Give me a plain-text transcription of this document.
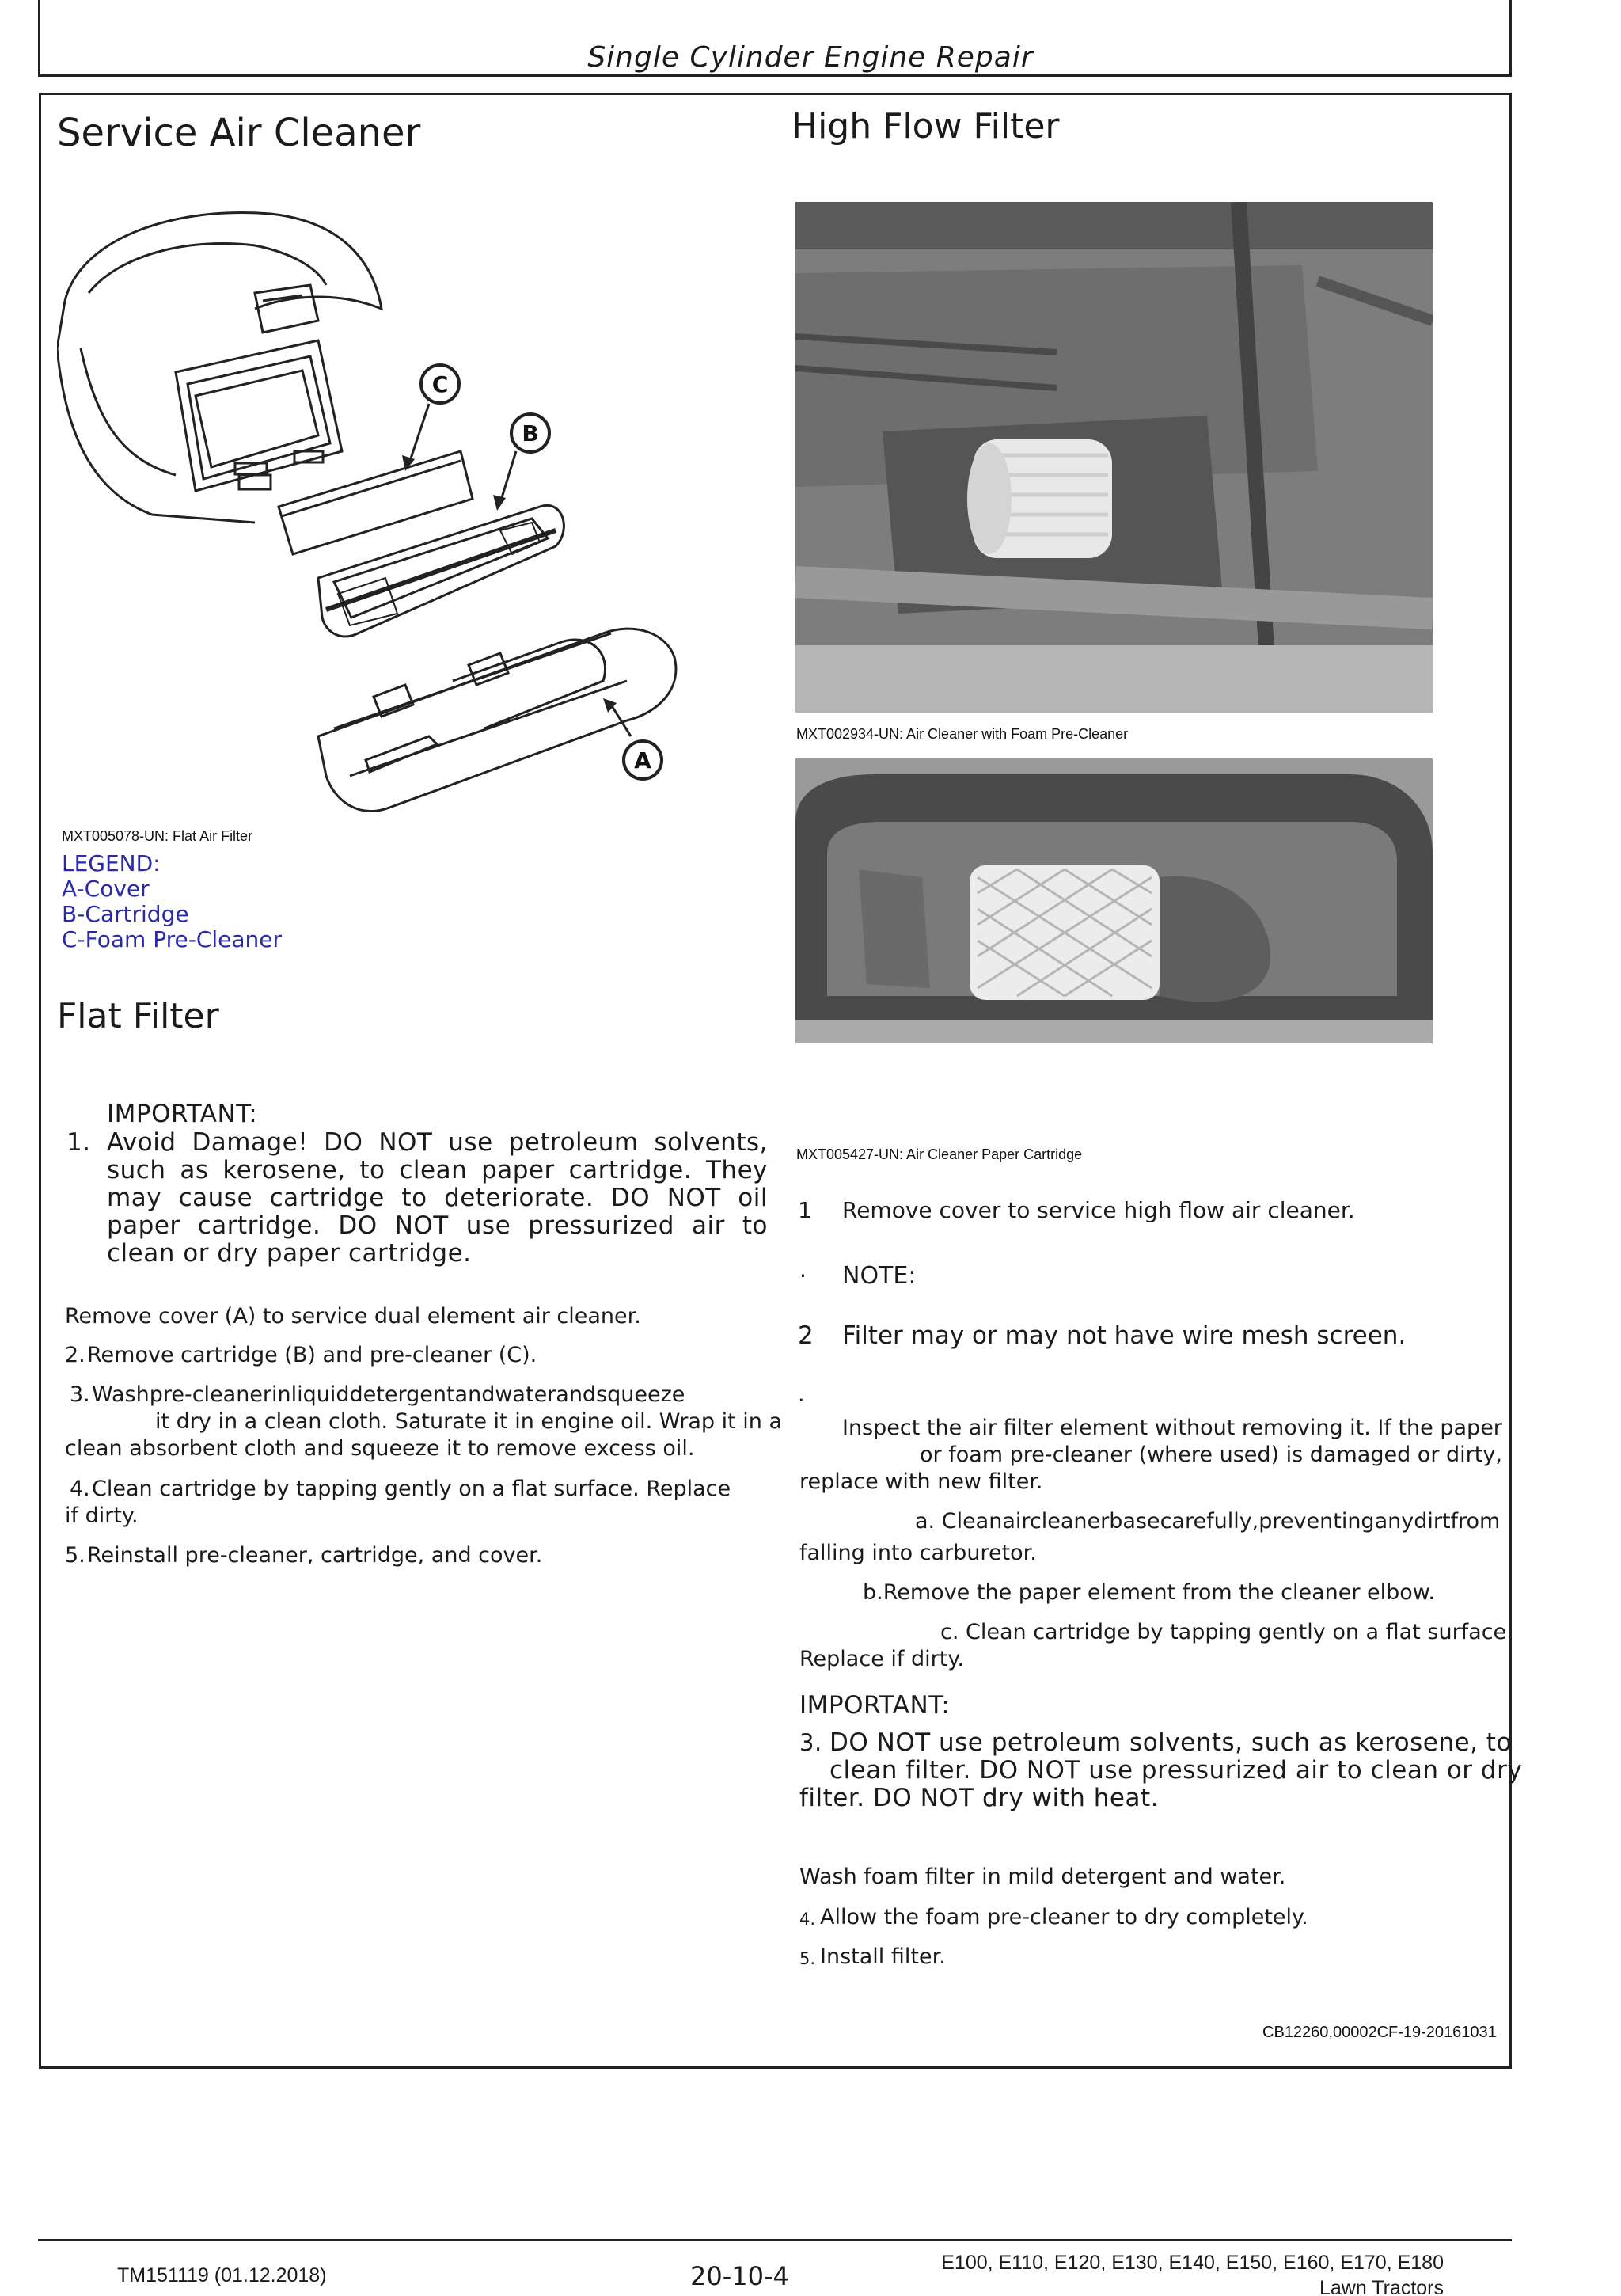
Single Cylinder Engine Repair
Service Air Cleaner
C
B
A
MXT005078-UN: Flat Air Filter
LEGEND:
A-Cover
B-Cartridge
C-Foam Pre-Cleaner
Flat Filter
IMPORTANT:
1. Avoid Damage! DO NOT use petroleum solvents, such as kerosene, to clean paper cartridge. They may cause cartridge to deteriorate. DO NOT oil paper cartridge. DO NOT use pressurized air to clean or dry paper cartridge.
Remove cover (A) to service dual element air cleaner.
2. Remove cartridge (B) and pre-cleaner (C).
3. Washpre-cleanerinliquiddetergentandwaterandsqueeze
it dry in a clean cloth. Saturate it in engine oil. Wrap it in a
clean absorbent cloth and squeeze it to remove excess oil.
4. Clean cartridge by tapping gently on a flat surface. Replace
if dirty.
5. Reinstall pre-cleaner, cartridge, and cover.
High Flow Filter
MXT002934-UN: Air Cleaner with Foam Pre-Cleaner
MXT005427-UN: Air Cleaner Paper Cartridge
1 Remove cover to service high flow air cleaner.
· NOTE:
2 Filter may or may not have wire mesh screen.
.
Inspect the air filter element without removing it. If the paper
or foam pre-cleaner (where used) is damaged or dirty,
replace with new filter.
a. Cleanaircleanerbasecarefully,preventinganydirtfrom
falling into carburetor.
b.Remove the paper element from the cleaner elbow.
c. Clean cartridge by tapping gently on a flat surface.
Replace if dirty.
IMPORTANT:
3. DO NOT use petroleum solvents, such as kerosene, to
clean filter. DO NOT use pressurized air to clean or dry
filter. DO NOT dry with heat.
Wash foam filter in mild detergent and water.
4. Allow the foam pre-cleaner to dry completely.
5. Install filter.
CB12260,00002CF-19-20161031
TM151119 (01.12.2018)	20-10-4	E100, E110, E120, E130, E140, E150, E160, E170, E180
Lawn Tractors
